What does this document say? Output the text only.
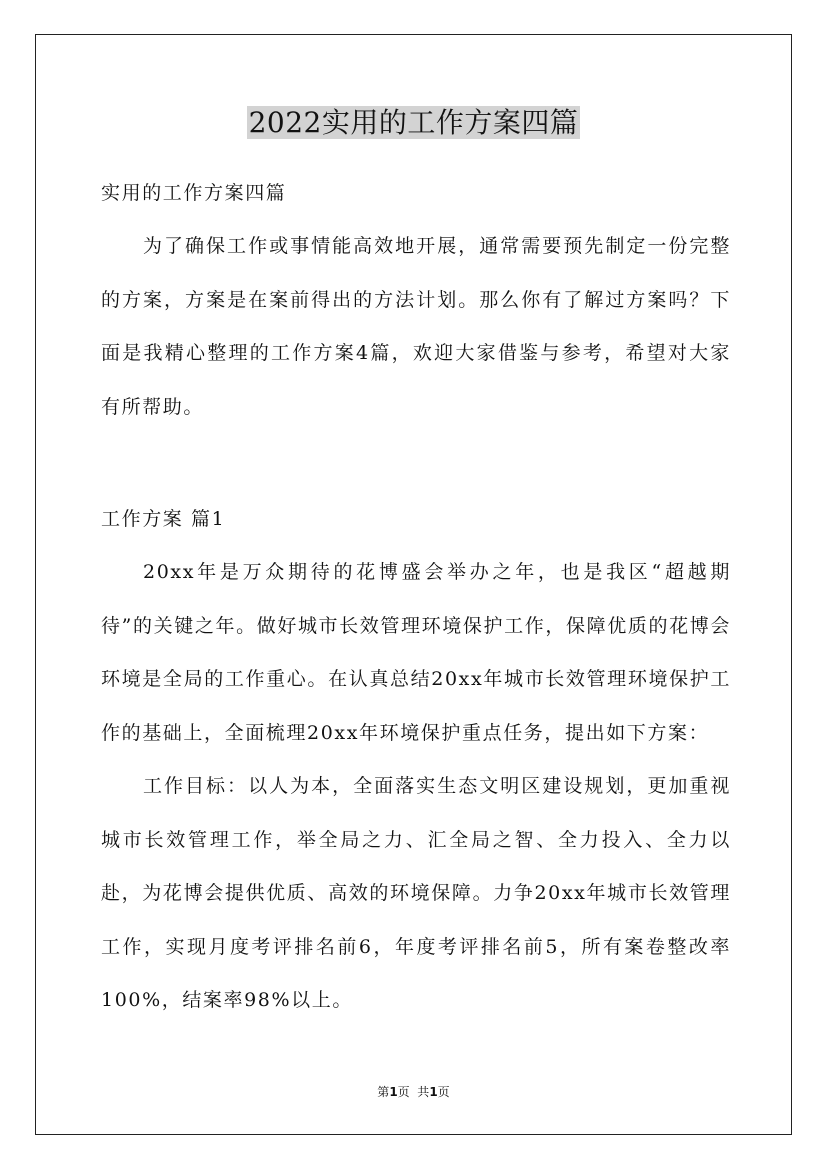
2022实用的工作方案四篇
实用的工作方案四篇

为了确保工作或事情能高效地开展，通常需要预先制定一份完整的方案，方案是在案前得出的方法计划。那么你有了解过方案吗？下面是我精心整理的工作方案4篇，欢迎大家借鉴与参考，希望对大家有所帮助。

工作方案 篇1

20xx年是万众期待的花博盛会举办之年，也是我区“超越期待”的关键之年。做好城市长效管理环境保护工作，保障优质的花博会环境是全局的工作重心。在认真总结20xx年城市长效管理环境保护工作的基础上，全面梳理20xx年环境保护重点任务，提出如下方案：

工作目标：以人为本，全面落实生态文明区建设规划，更加重视城市长效管理工作，举全局之力、汇全局之智、全力投入、全力以赴，为花博会提供优质、高效的环境保障。力争20xx年城市长效管理工作，实现月度考评排名前6，年度考评排名前5，所有案卷整改率100%，结案率98%以上。

第1页  共1页
